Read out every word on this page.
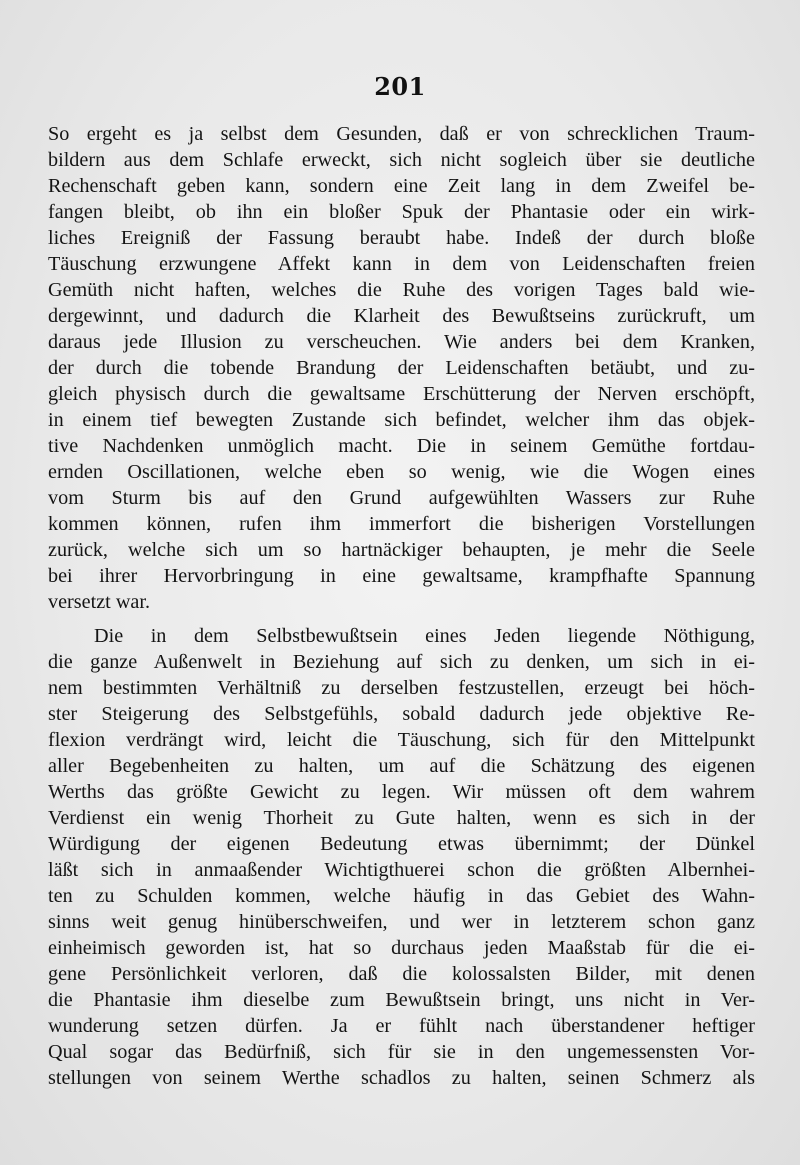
201
So ergeht es ja selbst dem Gesunden, daß er von schrecklichen Traum-
bildern aus dem Schlafe erweckt, sich nicht sogleich über sie deutliche
Rechenschaft geben kann, sondern eine Zeit lang in dem Zweifel be-
fangen bleibt, ob ihn ein bloßer Spuk der Phantasie oder ein wirk-
liches Ereigniß der Fassung beraubt habe. Indeß der durch bloße
Täuschung erzwungene Affekt kann in dem von Leidenschaften freien
Gemüth nicht haften, welches die Ruhe des vorigen Tages bald wie-
dergewinnt, und dadurch die Klarheit des Bewußtseins zurückruft, um
daraus jede Illusion zu verscheuchen. Wie anders bei dem Kranken,
der durch die tobende Brandung der Leidenschaften betäubt, und zu-
gleich physisch durch die gewaltsame Erschütterung der Nerven erschöpft,
in einem tief bewegten Zustande sich befindet, welcher ihm das objek-
tive Nachdenken unmöglich macht. Die in seinem Gemüthe fortdau-
ernden Oscillationen, welche eben so wenig, wie die Wogen eines
vom Sturm bis auf den Grund aufgewühlten Wassers zur Ruhe
kommen können, rufen ihm immerfort die bisherigen Vorstellungen
zurück, welche sich um so hartnäckiger behaupten, je mehr die Seele
bei ihrer Hervorbringung in eine gewaltsame, krampfhafte Spannung
versetzt war.
Die in dem Selbstbewußtsein eines Jeden liegende Nöthigung,
die ganze Außenwelt in Beziehung auf sich zu denken, um sich in ei-
nem bestimmten Verhältniß zu derselben festzustellen, erzeugt bei höch-
ster Steigerung des Selbstgefühls, sobald dadurch jede objektive Re-
flexion verdrängt wird, leicht die Täuschung, sich für den Mittelpunkt
aller Begebenheiten zu halten, um auf die Schätzung des eigenen
Werths das größte Gewicht zu legen. Wir müssen oft dem wahrem
Verdienst ein wenig Thorheit zu Gute halten, wenn es sich in der
Würdigung der eigenen Bedeutung etwas übernimmt; der Dünkel
läßt sich in anmaaßender Wichtigthuerei schon die größten Albernhei-
ten zu Schulden kommen, welche häufig in das Gebiet des Wahn-
sinns weit genug hinüberschweifen, und wer in letzterem schon ganz
einheimisch geworden ist, hat so durchaus jeden Maaßstab für die ei-
gene Persönlichkeit verloren, daß die kolossalsten Bilder, mit denen
die Phantasie ihm dieselbe zum Bewußtsein bringt, uns nicht in Ver-
wunderung setzen dürfen. Ja er fühlt nach überstandener heftiger
Qual sogar das Bedürfniß, sich für sie in den ungemessensten Vor-
stellungen von seinem Werthe schadlos zu halten, seinen Schmerz als
